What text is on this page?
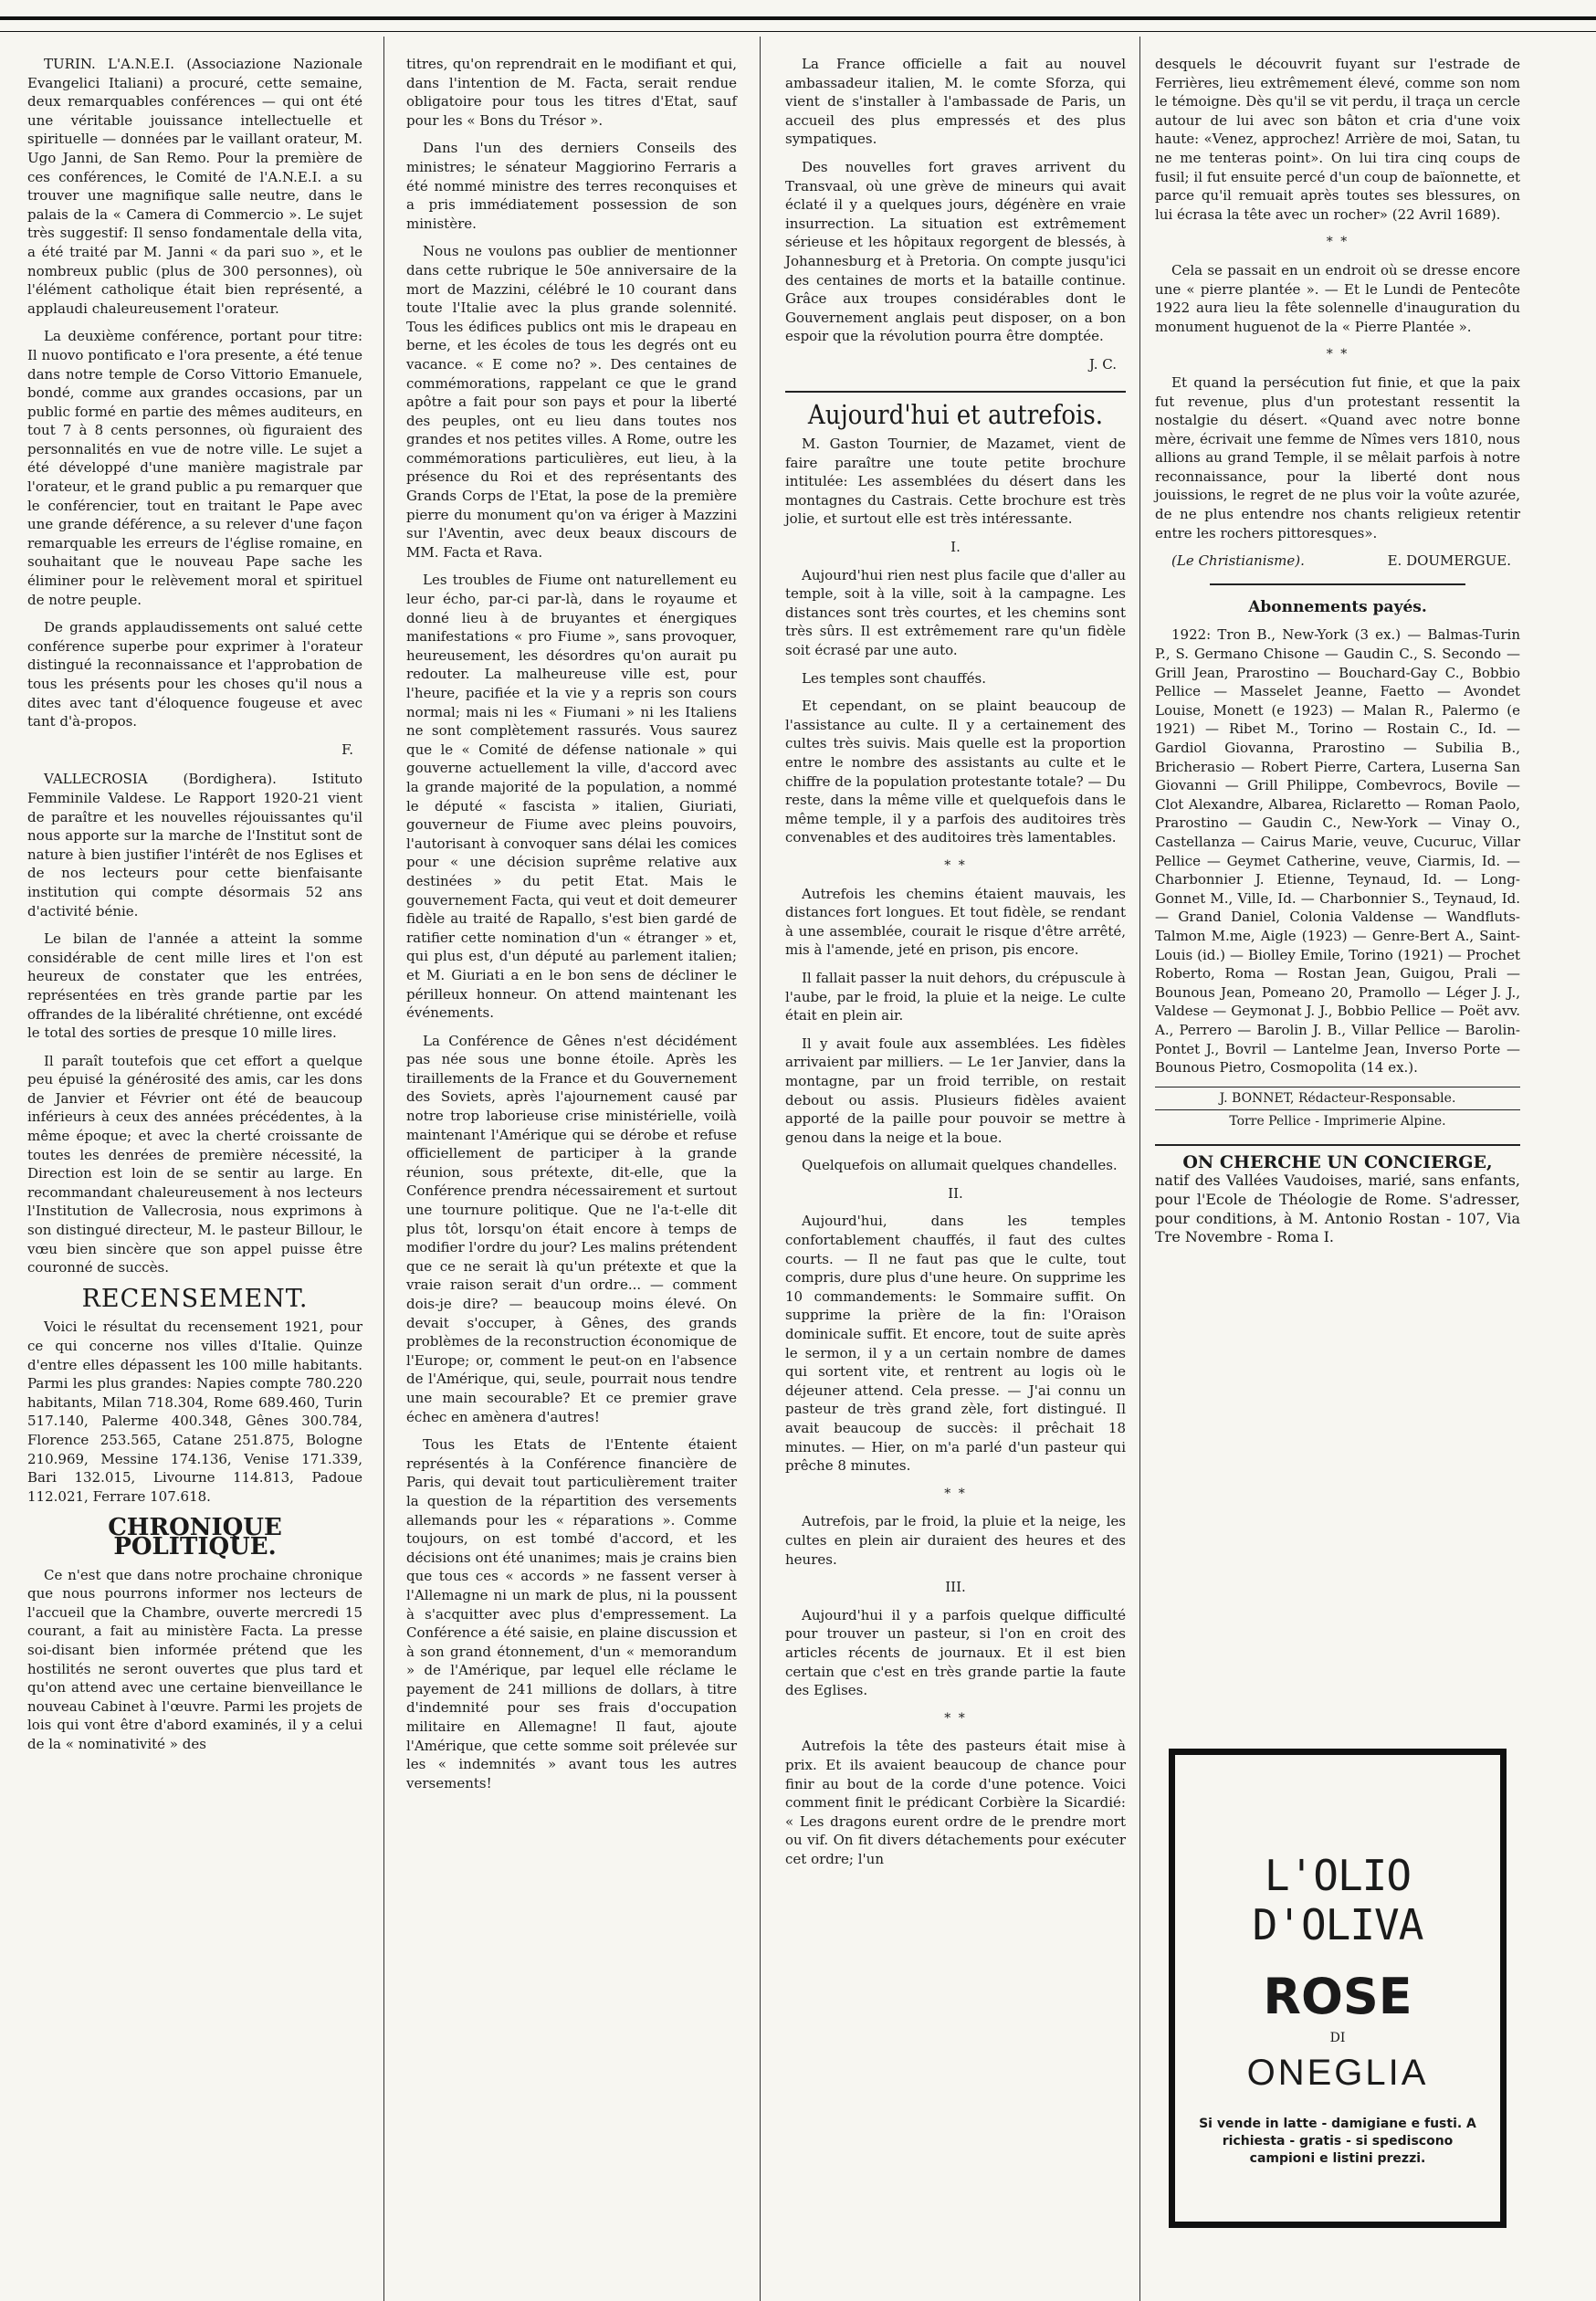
TURIN. L'A.N.E.I. (Associazione Nazionale Evangelici Italiani) a procuré, cette semaine, deux remarquables conférences — qui ont été une véritable jouissance intellectuelle et spirituelle — données par le vaillant orateur, M. Ugo Janni, de San Remo. Pour la première de ces conférences, le Comité de l'A.N.E.I. a su trouver une magnifique salle neutre, dans le palais de la « Camera di Commercio ». Le sujet très suggestif: Il senso fondamentale della vita, a été traité par M. Janni « da pari suo », et le nombreux public (plus de 300 personnes), où l'élément catholique était bien représenté, a applaudi chaleureusement l'orateur.

La deuxième conférence, portant pour titre: Il nuovo pontificato e l'ora presente, a été tenue dans notre temple de Corso Vittorio Emanuele, bondé, comme aux grandes occasions, par un public formé en partie des mêmes auditeurs, en tout 7 à 8 cents personnes, où figuraient des personnalités en vue de notre ville. Le sujet a été développé d'une manière magistrale par l'orateur, et le grand public a pu remarquer que le conférencier, tout en traitant le Pape avec une grande déférence, a su relever d'une façon remarquable les erreurs de l'église romaine, en souhaitant que le nouveau Pape sache les éliminer pour le relèvement moral et spirituel de notre peuple.

De grands applaudissements ont salué cette conférence superbe pour exprimer à l'orateur distingué la reconnaissance et l'approbation de tous les présents pour les choses qu'il nous a dites avec tant d'éloquence fougeuse et avec tant d'à-propos.

F.

VALLECROSIA (Bordighera). Istituto Femminile Valdese. Le Rapport 1920-21 vient de paraître et les nouvelles réjouissantes qu'il nous apporte sur la marche de l'Institut sont de nature à bien justifier l'intérêt de nos Eglises et de nos lecteurs pour cette bienfaisante institution qui compte désormais 52 ans d'activité bénie.

Le bilan de l'année a atteint la somme considérable de cent mille lires et l'on est heureux de constater que les entrées, représentées en très grande partie par les offrandes de la libéralité chrétienne, ont excédé le total des sorties de presque 10 mille lires.

Il paraît toutefois que cet effort a quelque peu épuisé la générosité des amis, car les dons de Janvier et Février ont été de beaucoup inférieurs à ceux des années précédentes, à la même époque; et avec la cherté croissante de toutes les denrées de première nécessité, la Direction est loin de se sentir au large. En recommandant chaleureusement à nos lecteurs l'Institution de Vallecrosia, nous exprimons à son distingué directeur, M. le pasteur Billour, le vœu bien sincère que son appel puisse être couronné de succès.

RECENSEMENT.

Voici le résultat du recensement 1921, pour ce qui concerne nos villes d'Italie. Quinze d'entre elles dépassent les 100 mille habitants. Parmi les plus grandes: Napies compte 780.220 habitants, Milan 718.304, Rome 689.460, Turin 517.140, Palerme 400.348, Gênes 300.784, Florence 253.565, Catane 251.875, Bologne 210.969, Messine 174.136, Venise 171.339, Bari 132.015, Livourne 114.813, Padoue 112.021, Ferrare 107.618.

CHRONIQUE POLITIQUE.

Ce n'est que dans notre prochaine chronique que nous pourrons informer nos lecteurs de l'accueil que la Chambre, ouverte mercredi 15 courant, a fait au ministère Facta. La presse soi-disant bien informée prétend que les hostilités ne seront ouvertes que plus tard et qu'on attend avec une certaine bienveillance le nouveau Cabinet à l'œuvre. Parmi les projets de lois qui vont être d'abord examinés, il y a celui de la « nominativité » des

titres, qu'on reprendrait en le modifiant et qui, dans l'intention de M. Facta, serait rendue obligatoire pour tous les titres d'Etat, sauf pour les « Bons du Trésor ».

Dans l'un des derniers Conseils des ministres; le sénateur Maggiorino Ferraris a été nommé ministre des terres reconquises et a pris immédiatement possession de son ministère.

Nous ne voulons pas oublier de mentionner dans cette rubrique le 50e anniversaire de la mort de Mazzini, célébré le 10 courant dans toute l'Italie avec la plus grande solennité. Tous les édifices publics ont mis le drapeau en berne, et les écoles de tous les degrés ont eu vacance. « E come no? ». Des centaines de commémorations, rappelant ce que le grand apôtre a fait pour son pays et pour la liberté des peuples, ont eu lieu dans toutes nos grandes et nos petites villes. A Rome, outre les commémorations particulières, eut lieu, à la présence du Roi et des représentants des Grands Corps de l'Etat, la pose de la première pierre du monument qu'on va ériger à Mazzini sur l'Aventin, avec deux beaux discours de MM. Facta et Rava.

Les troubles de Fiume ont naturellement eu leur écho, par-ci par-là, dans le royaume et donné lieu à de bruyantes et énergiques manifestations « pro Fiume », sans provoquer, heureusement, les désordres qu'on aurait pu redouter. La malheureuse ville est, pour l'heure, pacifiée et la vie y a repris son cours normal; mais ni les « Fiumani » ni les Italiens ne sont complètement rassurés. Vous saurez que le « Comité de défense nationale » qui gouverne actuellement la ville, d'accord avec la grande majorité de la population, a nommé le député « fascista » italien, Giuriati, gouverneur de Fiume avec pleins pouvoirs, l'autorisant à convoquer sans délai les comices pour « une décision suprême relative aux destinées » du petit Etat. Mais le gouvernement Facta, qui veut et doit demeurer fidèle au traité de Rapallo, s'est bien gardé de ratifier cette nomination d'un « étranger » et, qui plus est, d'un député au parlement italien; et M. Giuriati a en le bon sens de décliner le périlleux honneur. On attend maintenant les événements.

La Conférence de Gênes n'est décidément pas née sous une bonne étoile. Après les tiraillements de la France et du Gouvernement des Soviets, après l'ajournement causé par notre trop laborieuse crise ministérielle, voilà maintenant l'Amérique qui se dérobe et refuse officiellement de participer à la grande réunion, sous prétexte, dit-elle, que la Conférence prendra nécessairement et surtout une tournure politique. Que ne l'a-t-elle dit plus tôt, lorsqu'on était encore à temps de modifier l'ordre du jour? Les malins prétendent que ce ne serait là qu'un prétexte et que la vraie raison serait d'un ordre... — comment dois-je dire? — beaucoup moins élevé. On devait s'occuper, à Gênes, des grands problèmes de la reconstruction économique de l'Europe; or, comment le peut-on en l'absence de l'Amérique, qui, seule, pourrait nous tendre une main secourable? Et ce premier grave échec en amènera d'autres!

Tous les Etats de l'Entente étaient représentés à la Conférence financière de Paris, qui devait tout particulièrement traiter la question de la répartition des versements allemands pour les « réparations ». Comme toujours, on est tombé d'accord, et les décisions ont été unanimes; mais je crains bien que tous ces « accords » ne fassent verser à l'Allemagne ni un mark de plus, ni la poussent à s'acquitter avec plus d'empressement. La Conférence a été saisie, en plaine discussion et à son grand étonnement, d'un « memorandum » de l'Amérique, par lequel elle réclame le payement de 241 millions de dollars, à titre d'indemnité pour ses frais d'occupation militaire en Allemagne! Il faut, ajoute l'Amérique, que cette somme soit prélevée sur les « indemnités » avant tous les autres versements!

La France officielle a fait au nouvel ambassadeur italien, M. le comte Sforza, qui vient de s'installer à l'ambassade de Paris, un accueil des plus empressés et des plus sympatiques.

Des nouvelles fort graves arrivent du Transvaal, où une grève de mineurs qui avait éclaté il y a quelques jours, dégénère en vraie insurrection. La situation est extrêmement sérieuse et les hôpitaux regorgent de blessés, à Johannesburg et à Pretoria. On compte jusqu'ici des centaines de morts et la bataille continue. Grâce aux troupes considérables dont le Gouvernement anglais peut disposer, on a bon espoir que la révolution pourra être domptée.

J. C.
Aujourd'hui et autrefois.

M. Gaston Tournier, de Mazamet, vient de faire paraître une toute petite brochure intitulée: Les assemblées du désert dans les montagnes du Castrais. Cette brochure est très jolie, et surtout elle est très intéressante.

I.

Aujourd'hui rien nest plus facile que d'aller au temple, soit à la ville, soit à la campagne. Les distances sont très courtes, et les chemins sont très sûrs. Il est extrêmement rare qu'un fidèle soit écrasé par une auto.

Les temples sont chauffés.

Et cependant, on se plaint beaucoup de l'assistance au culte. Il y a certainement des cultes très suivis. Mais quelle est la proportion entre le nombre des assistants au culte et le chiffre de la population protestante totale? — Du reste, dans la même ville et quelquefois dans le même temple, il y a parfois des auditoires très convenables et des auditoires très lamentables.

* *

Autrefois les chemins étaient mauvais, les distances fort longues. Et tout fidèle, se rendant à une assemblée, courait le risque d'être arrêté, mis à l'amende, jeté en prison, pis encore.

Il fallait passer la nuit dehors, du crépuscule à l'aube, par le froid, la pluie et la neige. Le culte était en plein air.

Il y avait foule aux assemblées. Les fidèles arrivaient par milliers. — Le 1er Janvier, dans la montagne, par un froid terrible, on restait debout ou assis. Plusieurs fidèles avaient apporté de la paille pour pouvoir se mettre à genou dans la neige et la boue.

Quelquefois on allumait quelques chandelles.

II.

Aujourd'hui, dans les temples confortablement chauffés, il faut des cultes courts. — Il ne faut pas que le culte, tout compris, dure plus d'une heure. On supprime les 10 commandements: le Sommaire suffit. On supprime la prière de la fin: l'Oraison dominicale suffit. Et encore, tout de suite après le sermon, il y a un certain nombre de dames qui sortent vite, et rentrent au logis où le déjeuner attend. Cela presse. — J'ai connu un pasteur de très grand zèle, fort distingué. Il avait beaucoup de succès: il prêchait 18 minutes. — Hier, on m'a parlé d'un pasteur qui prêche 8 minutes.

* *

Autrefois, par le froid, la pluie et la neige, les cultes en plein air duraient des heures et des heures.

III.

Aujourd'hui il y a parfois quelque difficulté pour trouver un pasteur, si l'on en croit des articles récents de journaux. Et il est bien certain que c'est en très grande partie la faute des Eglises.

* *

Autrefois la tête des pasteurs était mise à prix. Et ils avaient beaucoup de chance pour finir au bout de la corde d'une potence. Voici comment finit le prédicant Corbière la Sicardié: « Les dragons eurent ordre de le prendre mort ou vif. On fit divers détachements pour exécuter cet ordre; l'un

desquels le découvrit fuyant sur l'estrade de Ferrières, lieu extrêmement élevé, comme son nom le témoigne. Dès qu'il se vit perdu, il traça un cercle autour de lui avec son bâton et cria d'une voix haute: «Venez, approchez! Arrière de moi, Satan, tu ne me tenteras point». On lui tira cinq coups de fusil; il fut ensuite percé d'un coup de baïonnette, et parce qu'il remuait après toutes ses blessures, on lui écrasa la tête avec un rocher» (22 Avril 1689).

* *

Cela se passait en un endroit où se dresse encore une « pierre plantée ». — Et le Lundi de Pentecôte 1922 aura lieu la fête solennelle d'inauguration du monument huguenot de la « Pierre Plantée ».

* *

Et quand la persécution fut finie, et que la paix fut revenue, plus d'un protestant ressentit la nostalgie du désert. «Quand avec notre bonne mère, écrivait une femme de Nîmes vers 1810, nous allions au grand Temple, il se mêlait parfois à notre reconnaissance, pour la liberté dont nous jouissions, le regret de ne plus voir la voûte azurée, de ne plus entendre nos chants religieux retentir entre les rochers pittoresques».

(Le Christianisme).	E. DOUMERGUE.
Abonnements payés.

1922: Tron B., New-York (3 ex.) — Balmas-Turin P., S. Germano Chisone — Gaudin C., S. Secondo — Grill Jean, Prarostino — Bouchard-Gay C., Bobbio Pellice — Masselet Jeanne, Faetto — Avondet Louise, Monett (e 1923) — Malan R., Palermo (e 1921) — Ribet M., Torino — Rostain C., Id. — Gardiol Giovanna, Prarostino — Subilia B., Bricherasio — Robert Pierre, Cartera, Luserna San Giovanni — Grill Philippe, Combevrocs, Bovile — Clot Alexandre, Albarea, Riclaretto — Roman Paolo, Prarostino — Gaudin C., New-York — Vinay O., Castellanza — Cairus Marie, veuve, Cucuruc, Villar Pellice — Geymet Catherine, veuve, Ciarmis, Id. — Charbonnier J. Etienne, Teynaud, Id. — Long-Gonnet M., Ville, Id. — Charbonnier S., Teynaud, Id. — Grand Daniel, Colonia Valdense — Wandfluts-Talmon M.me, Aigle (1923) — Genre-Bert A., Saint-Louis (id.) — Biolley Emile, Torino (1921) — Prochet Roberto, Roma — Rostan Jean, Guigou, Prali — Bounous Jean, Pomeano 20, Pramollo — Léger J. J., Valdese — Geymonat J. J., Bobbio Pellice — Poët avv. A., Perrero — Barolin J. B., Villar Pellice — Barolin-Pontet J., Bovril — Lantelme Jean, Inverso Porte — Bounous Pietro, Cosmopolita (14 ex.).

J. BONNET, Rédacteur-Responsable.
Torre Pellice - Imprimerie Alpine.
ON CHERCHE UN CONCIERGE,
natif des Vallées Vaudoises, marié, sans enfants, pour l'Ecole de Théologie de Rome. S'adresser, pour conditions, à M. Antonio Rostan - 107, Via Tre Novembre - Roma I.
L'OLIO D'OLIVA
ROSE
DI
ONEGLIA
Si vende in latte - damigiane e fusti. A richiesta - gratis - si spediscono campioni e listini prezzi.
